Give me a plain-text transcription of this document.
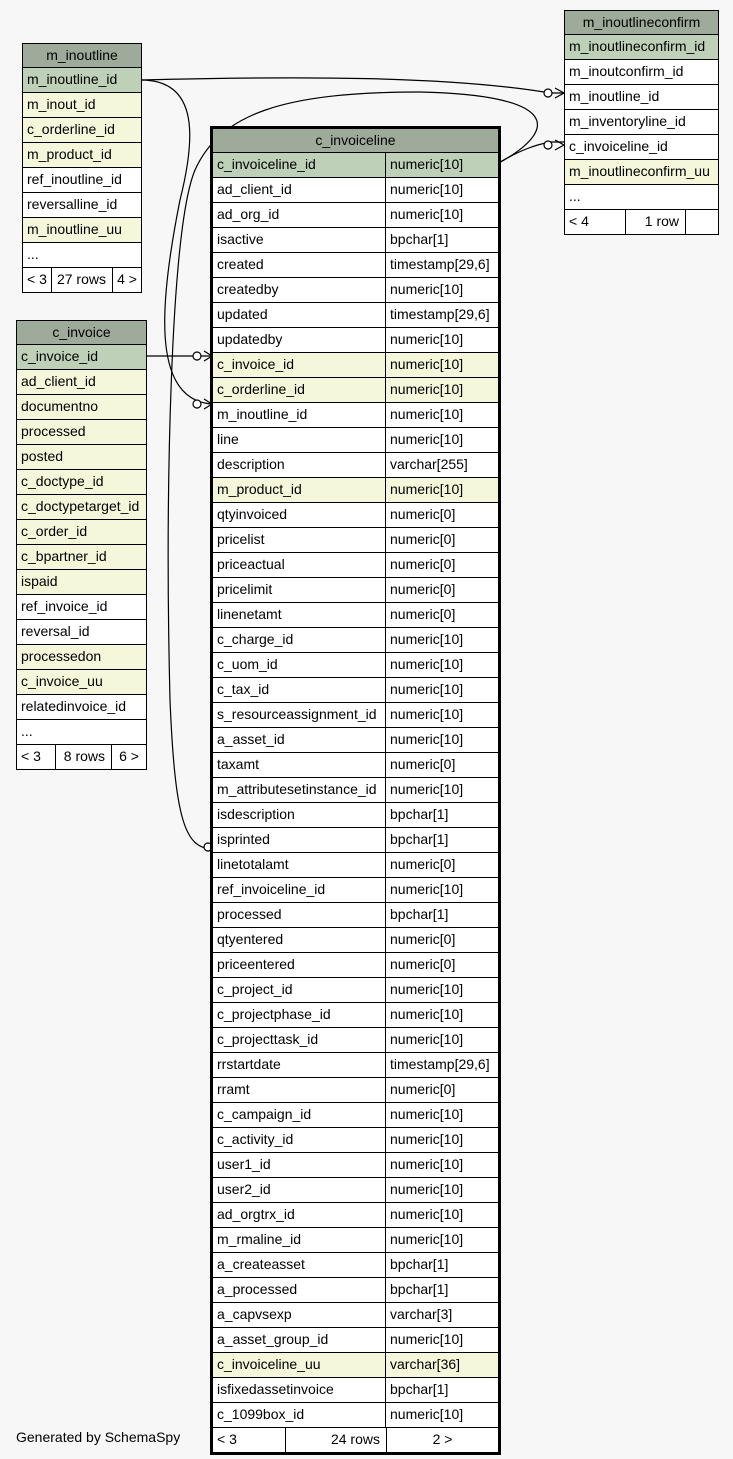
m_inoutline
m_inoutline_id
m_inout_id
c_orderline_id
m_product_id
ref_inoutline_id
reversalline_id
m_inoutline_uu
...
< 3 27 rows 4 >
c_invoice
c_invoice_id
ad_client_id
documentno
processed
posted
c_doctype_id
c_doctypetarget_id
c_order_id
c_bpartner_id
ispaid
ref_invoice_id
reversal_id
processedon
c_invoice_uu
relatedinvoice_id
...
< 3	8 rows	6 >
m_inoutlineconfirm
m_inoutlineconfirm_id
m_inoutconfirm_id
m_inoutline_id
m_inventoryline_id
c_invoiceline_id
m_inoutlineconfirm_uu
...
< 4	1 row
c_invoiceline
c_invoiceline_id	numeric[10]
ad_client_id	numeric[10]
ad_org_id	numeric[10]
isactive	bpchar[1]
created	timestamp[29,6]
createdby	numeric[10]
updated	timestamp[29,6]
updatedby	numeric[10]
c_invoice_id	numeric[10]
c_orderline_id	numeric[10]
m_inoutline_id	numeric[10]
line	numeric[10]
description	varchar[255]
m_product_id	numeric[10]
qtyinvoiced	numeric[0]
pricelist	numeric[0]
priceactual	numeric[0]
pricelimit	numeric[0]
linenetamt	numeric[0]
c_charge_id	numeric[10]
c_uom_id	numeric[10]
c_tax_id	numeric[10]
s_resourceassignment_id numeric[10]
a_asset_id	numeric[10]
taxamt	numeric[0]
m_attributesetinstance_id numeric[10]
isdescription	bpchar[1]
isprinted	bpchar[1]
linetotalamt	numeric[0]
ref_invoiceline_id	numeric[10]
processed	bpchar[1]
qtyentered	numeric[0]
priceentered	numeric[0]
c_project_id	numeric[10]
c_projectphase_id	numeric[10]
c_projecttask_id	numeric[10]
rrstartdate	timestamp[29,6]
rramt	numeric[0]
c_campaign_id	numeric[10]
c_activity_id	numeric[10]
user1_id	numeric[10]
user2_id	numeric[10]
ad_orgtrx_id	numeric[10]
m_rmaline_id	numeric[10]
a_createasset	bpchar[1]
a_processed	bpchar[1]
a_capvsexp	varchar[3]
a_asset_group_id	numeric[10]
c_invoiceline_uu	varchar[36]
isfixedassetinvoice	bpchar[1]
c_1099box_id	numeric[10]
< 3	24 rows	2 >
Generated by SchemaSpy
